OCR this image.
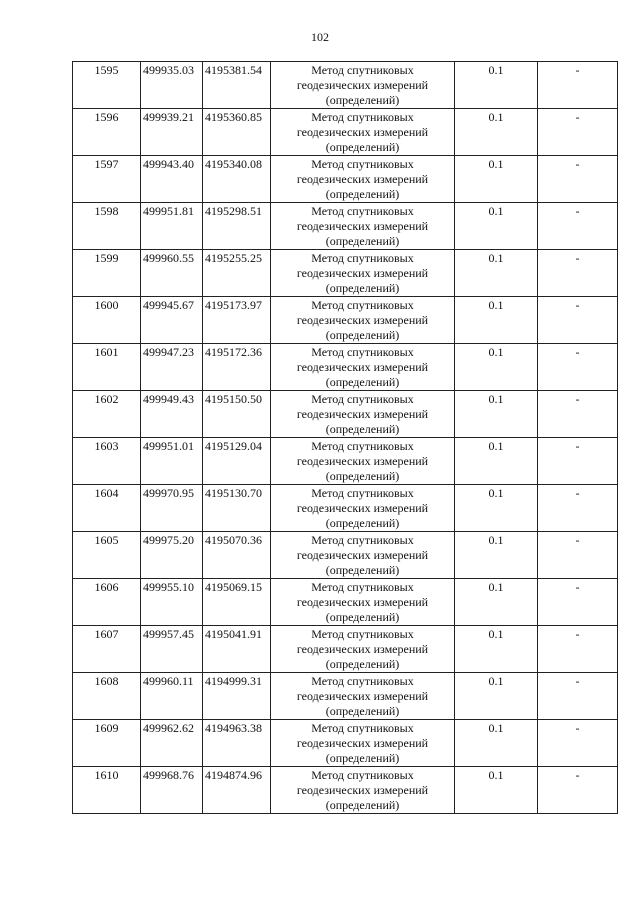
102
1595	499935.03	4195381.54	Метод спутниковых
геодезических измерений
(определений)	0.1	-
1596	499939.21	4195360.85	Метод спутниковых
геодезических измерений
(определений)	0.1	-
1597	499943.40	4195340.08	Метод спутниковых
геодезических измерений
(определений)	0.1	-
1598	499951.81	4195298.51	Метод спутниковых
геодезических измерений
(определений)	0.1	-
1599	499960.55	4195255.25	Метод спутниковых
геодезических измерений
(определений)	0.1	-
1600	499945.67	4195173.97	Метод спутниковых
геодезических измерений
(определений)	0.1	-
1601	499947.23	4195172.36	Метод спутниковых
геодезических измерений
(определений)	0.1	-
1602	499949.43	4195150.50	Метод спутниковых
геодезических измерений
(определений)	0.1	-
1603	499951.01	4195129.04	Метод спутниковых
геодезических измерений
(определений)	0.1	-
1604	499970.95	4195130.70	Метод спутниковых
геодезических измерений
(определений)	0.1	-
1605	499975.20	4195070.36	Метод спутниковых
геодезических измерений
(определений)	0.1	-
1606	499955.10	4195069.15	Метод спутниковых
геодезических измерений
(определений)	0.1	-
1607	499957.45	4195041.91	Метод спутниковых
геодезических измерений
(определений)	0.1	-
1608	499960.11	4194999.31	Метод спутниковых
геодезических измерений
(определений)	0.1	-
1609	499962.62	4194963.38	Метод спутниковых
геодезических измерений
(определений)	0.1	-
1610	499968.76	4194874.96	Метод спутниковых
геодезических измерений
(определений)	0.1	-
